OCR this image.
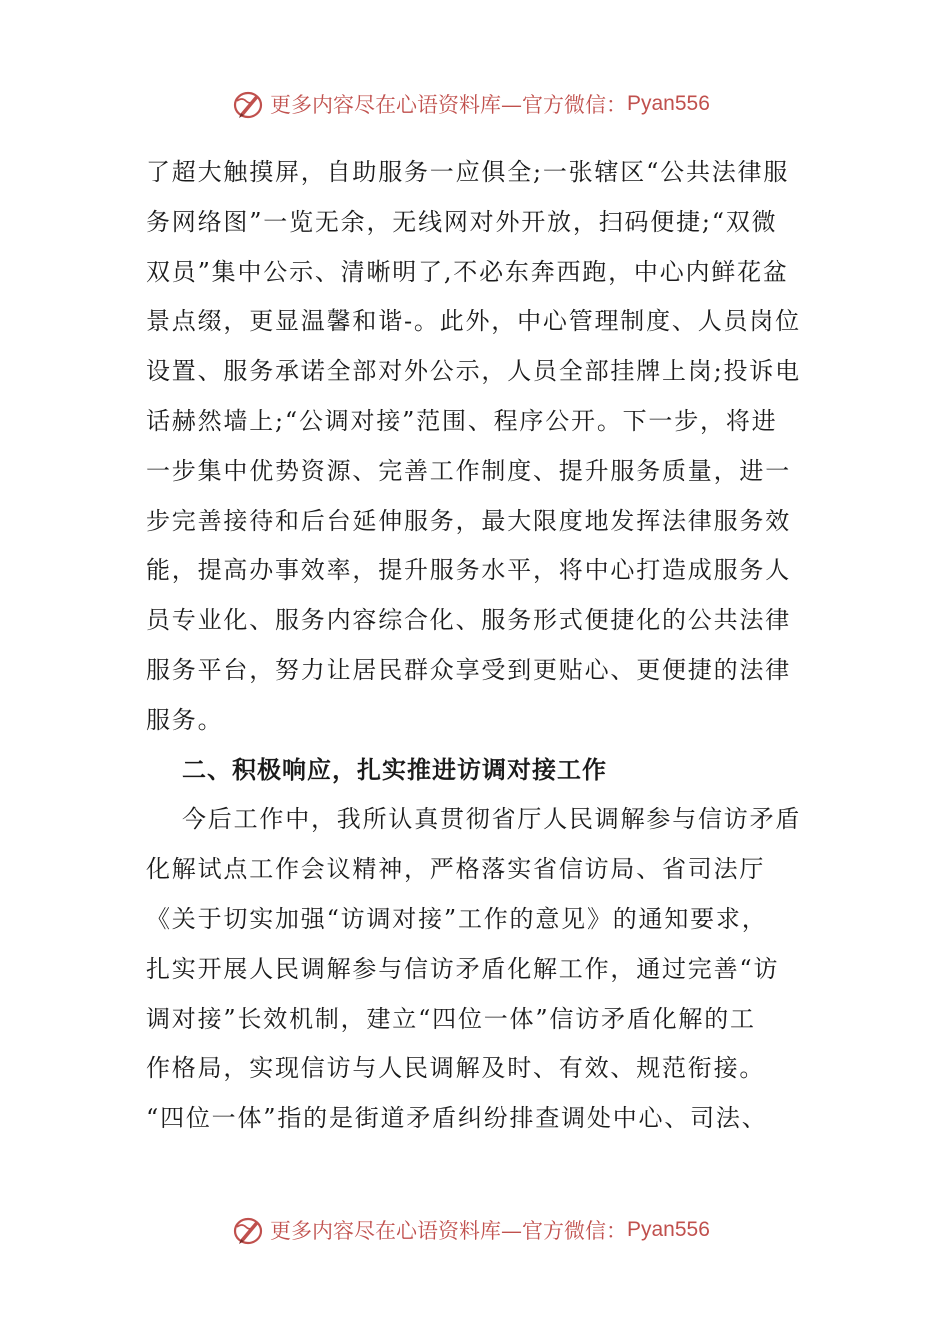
更多内容尽在心语资料库—官方微信： Pyan556
了超大触摸屏，自助服务一应俱全;一张辖区“公共法律服
务网络图”一览无余，无线网对外开放，扫码便捷;“双微
双员”集中公示、清晰明了,不必东奔西跑，中心内鲜花盆
景点缀，更显温馨和谐-。此外，中心管理制度、人员岗位
设置、服务承诺全部对外公示，人员全部挂牌上岗;投诉电
话赫然墙上;“公调对接”范围、程序公开。下一步，将进
一步集中优势资源、完善工作制度、提升服务质量，进一
步完善接待和后台延伸服务，最大限度地发挥法律服务效
能，提高办事效率，提升服务水平，将中心打造成服务人
员专业化、服务内容综合化、服务形式便捷化的公共法律
服务平台，努力让居民群众享受到更贴心、更便捷的法律
服务。
二、积极响应，扎实推进访调对接工作
今后工作中，我所认真贯彻省厅人民调解参与信访矛盾
化解试点工作会议精神，严格落实省信访局、省司法厅
《关于切实加强“访调对接”工作的意见》的通知要求，
扎实开展人民调解参与信访矛盾化解工作，通过完善“访
调对接”长效机制，建立“四位一体”信访矛盾化解的工
作格局，实现信访与人民调解及时、有效、规范衔接。
“四位一体”指的是街道矛盾纠纷排查调处中心、司法、
更多内容尽在心语资料库—官方微信： Pyan556
